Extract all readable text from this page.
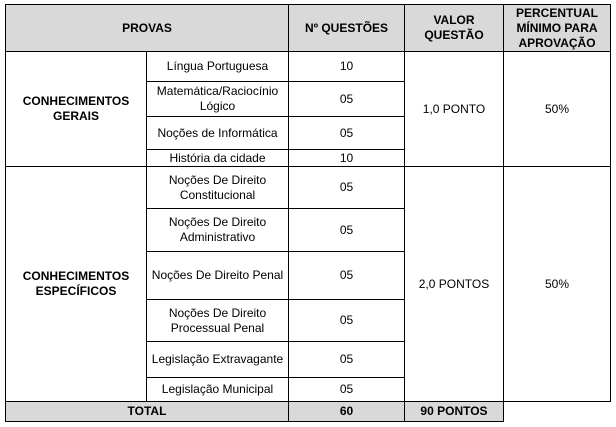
PROVAS		Nº QUESTÕES	VALOR QUESTÃO	PERCENTUAL MÍNIMO PARA APROVAÇÃO
CONHECIMENTOS GERAIS	Língua Portuguesa	10	1,0 PONTO	50%
	Matemática/Raciocínio Lógico	05		
	Noções de Informática	05		
	História da cidade	10		
CONHECIMENTOS ESPECÍFICOS	Noções De Direito Constitucional	05	2,0 PONTOS	50%
	Noções De Direito Administrativo	05		
	Noções De Direito Penal	05		
	Noções De Direito Processual Penal	05		
	Legislação Extravagante	05		
	Legislação Municipal	05		
TOTAL		60	90 PONTOS	
